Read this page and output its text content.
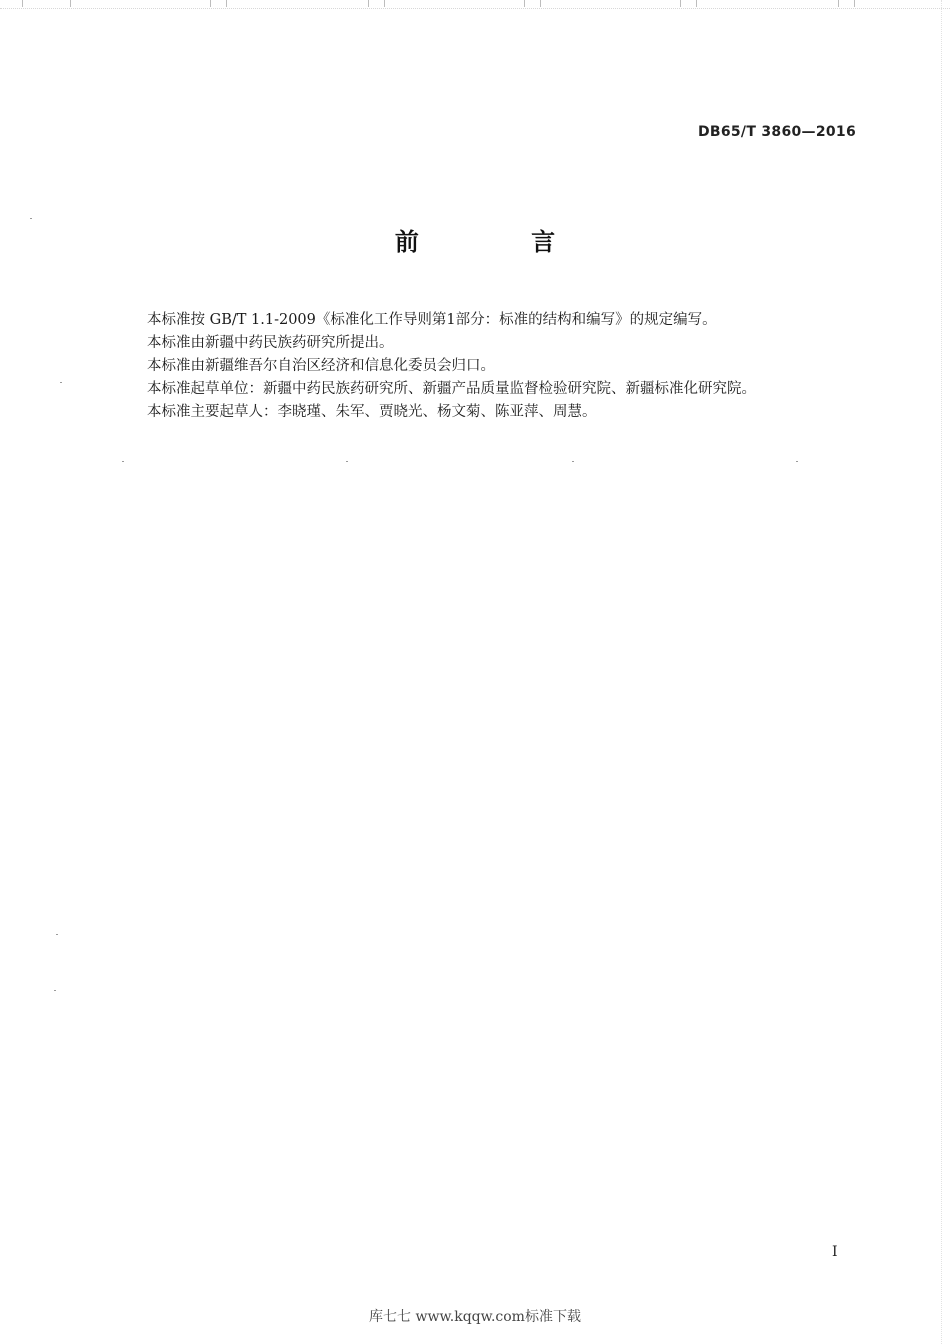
DB65/T 3860—2016
前 言

本标准按 GB/T 1.1-2009《标准化工作导则第1部分：标准的结构和编写》的规定编写。

本标准由新疆中药民族药研究所提出。

本标准由新疆维吾尔自治区经济和信息化委员会归口。

本标准起草单位：新疆中药民族药研究所、新疆产品质量监督检验研究院、新疆标准化研究院。

本标准主要起草人：李晓瑾、朱军、贾晓光、杨文菊、陈亚萍、周慧。

I
库七七 www.kqqw.com标准下载
